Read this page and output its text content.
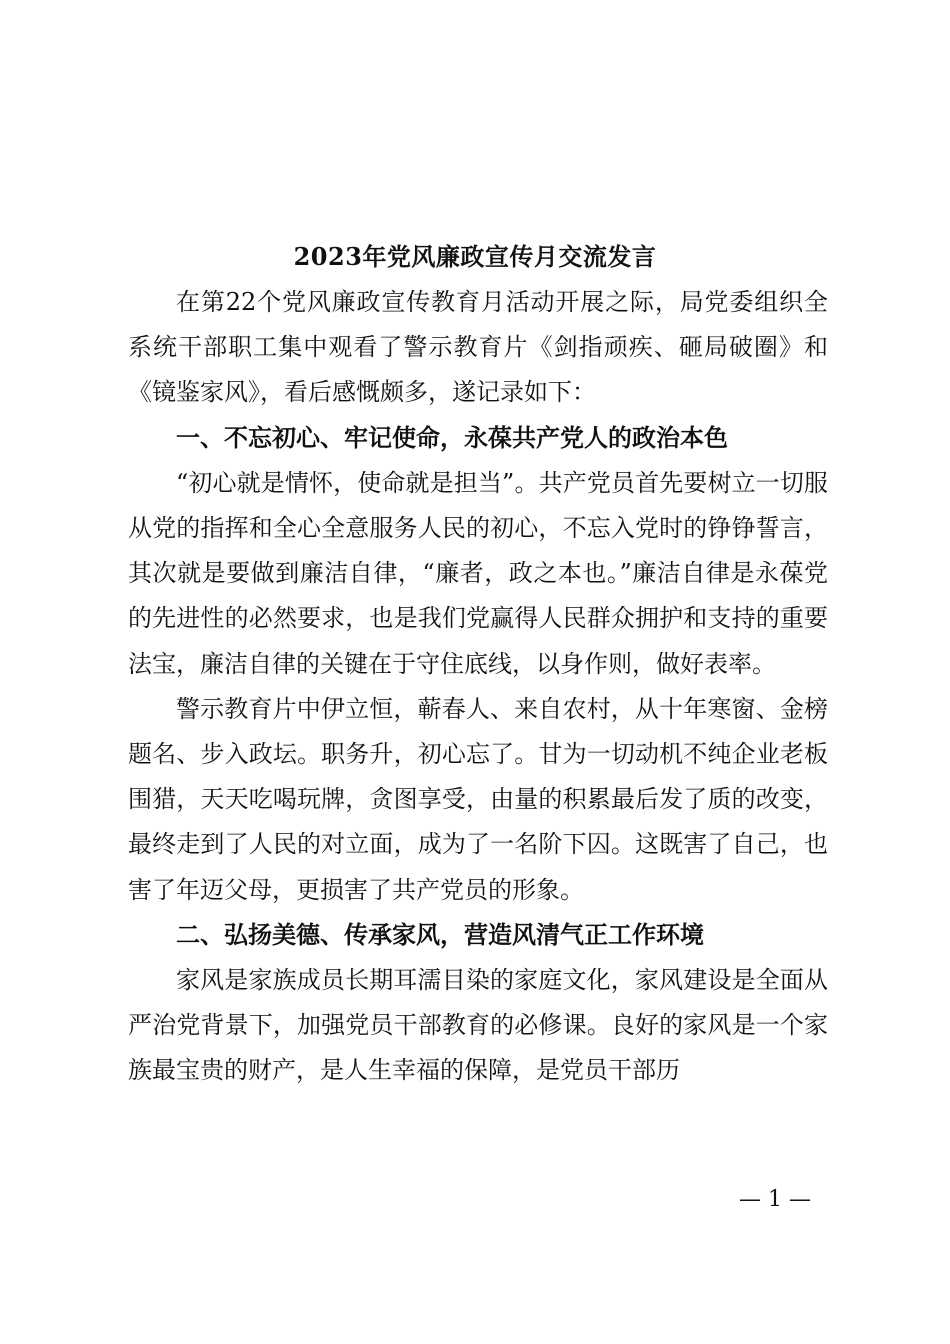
2023年党风廉政宣传月交流发言

在第22个党风廉政宣传教育月活动开展之际，局党委组织全系统干部职工集中观看了警示教育片《剑指顽疾、砸局破圈》和《镜鉴家风》，看后感慨颇多，遂记录如下：

一、不忘初心、牢记使命，永葆共产党人的政治本色

“初心就是情怀，使命就是担当”。共产党员首先要树立一切服从党的指挥和全心全意服务人民的初心，不忘入党时的铮铮誓言，其次就是要做到廉洁自律，“廉者，政之本也。”廉洁自律是永葆党的先进性的必然要求，也是我们党赢得人民群众拥护和支持的重要法宝，廉洁自律的关键在于守住底线，以身作则，做好表率。

警示教育片中伊立恒，蕲春人、来自农村，从十年寒窗、金榜题名、步入政坛。职务升，初心忘了。甘为一切动机不纯企业老板围猎，天天吃喝玩牌，贪图享受，由量的积累最后发了质的改变，最终走到了人民的对立面，成为了一名阶下囚。这既害了自己，也害了年迈父母，更损害了共产党员的形象。

二、弘扬美德、传承家风，营造风清气正工作环境

家风是家族成员长期耳濡目染的家庭文化，家风建设是全面从严治党背景下，加强党员干部教育的必修课。良好的家风是一个家族最宝贵的财产，是人生幸福的保障，是党员干部历

— 1 —
